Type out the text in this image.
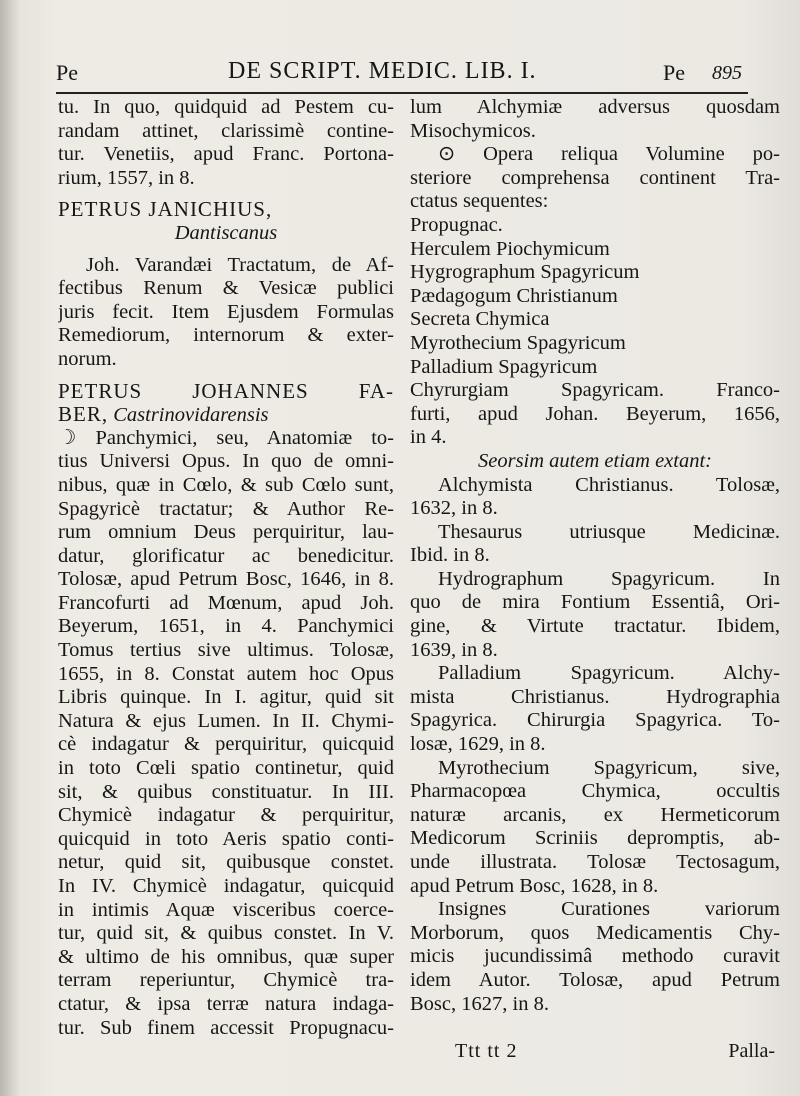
Pe	DE SCRIPT. MEDIC. LIB. I.	Pe 895
tu. In quo, quidquid ad Pestem cu-
randam attinet, clarissimè contine-
tur. Venetiis, apud Franc. Portona-
rium, 1557, in 8.
PETRUS JANICHIUS,
Dantiscanus
Joh. Varandæi Tractatum, de Af-
fectibus Renum & Vesicæ publici
juris fecit. Item Ejusdem Formulas
Remediorum, internorum & exter-
norum.
PETRUS JOHANNES FA-
BER, Castrinovidarensis
☽ Panchymici, seu, Anatomiæ to-
tius Universi Opus. In quo de omni-
nibus, quæ in Cœlo, & sub Cœlo sunt,
Spagyricè tractatur; & Author Re-
rum omnium Deus perquiritur, lau-
datur, glorificatur ac benedicitur.
Tolosæ, apud Petrum Bosc, 1646, in 8.
Francofurti ad Mœnum, apud Joh.
Beyerum, 1651, in 4. Panchymici
Tomus tertius sive ultimus. Tolosæ,
1655, in 8. Constat autem hoc Opus
Libris quinque. In I. agitur, quid sit
Natura & ejus Lumen. In II. Chymi-
cè indagatur & perquiritur, quicquid
in toto Cœli spatio continetur, quid
sit, & quibus constituatur. In III.
Chymicè indagatur & perquiritur,
quicquid in toto Aeris spatio conti-
netur, quid sit, quibusque constet.
In IV. Chymicè indagatur, quicquid
in intimis Aquæ visceribus coerce-
tur, quid sit, & quibus constet. In V.
& ultimo de his omnibus, quæ super
terram reperiuntur, Chymicè tra-
ctatur, & ipsa terræ natura indaga-
tur. Sub finem accessit Propugnacu-
lum Alchymiæ adversus quosdam
Misochymicos.
⊙ Opera reliqua Volumine po-
steriore comprehensa continent Tra-
ctatus sequentes:
Propugnac.
Herculem Piochymicum
Hygrographum Spagyricum
Pædagogum Christianum
Secreta Chymica
Myrothecium Spagyricum
Palladium Spagyricum
Chyrurgiam Spagyricam. Franco-
furti, apud Johan. Beyerum, 1656,
in 4.
Seorsim autem etiam extant:
Alchymista Christianus. Tolosæ,
1632, in 8.
Thesaurus utriusque Medicinæ.
Ibid. in 8.
Hydrographum Spagyricum. In
quo de mira Fontium Essentiâ, Ori-
gine, & Virtute tractatur. Ibidem,
1639, in 8.
Palladium Spagyricum. Alchy-
mista Christianus. Hydrographia
Spagyrica. Chirurgia Spagyrica. To-
losæ, 1629, in 8.
Myrothecium Spagyricum, sive,
Pharmacopœa Chymica, occultis
naturæ arcanis, ex Hermeticorum
Medicorum Scriniis depromptis, ab-
unde illustrata. Tolosæ Tectosagum,
apud Petrum Bosc, 1628, in 8.
Insignes Curationes variorum
Morborum, quos Medicamentis Chy-
micis jucundissimâ methodo curavit
idem Autor. Tolosæ, apud Petrum
Bosc, 1627, in 8.
Ttt tt 2	Palla-
